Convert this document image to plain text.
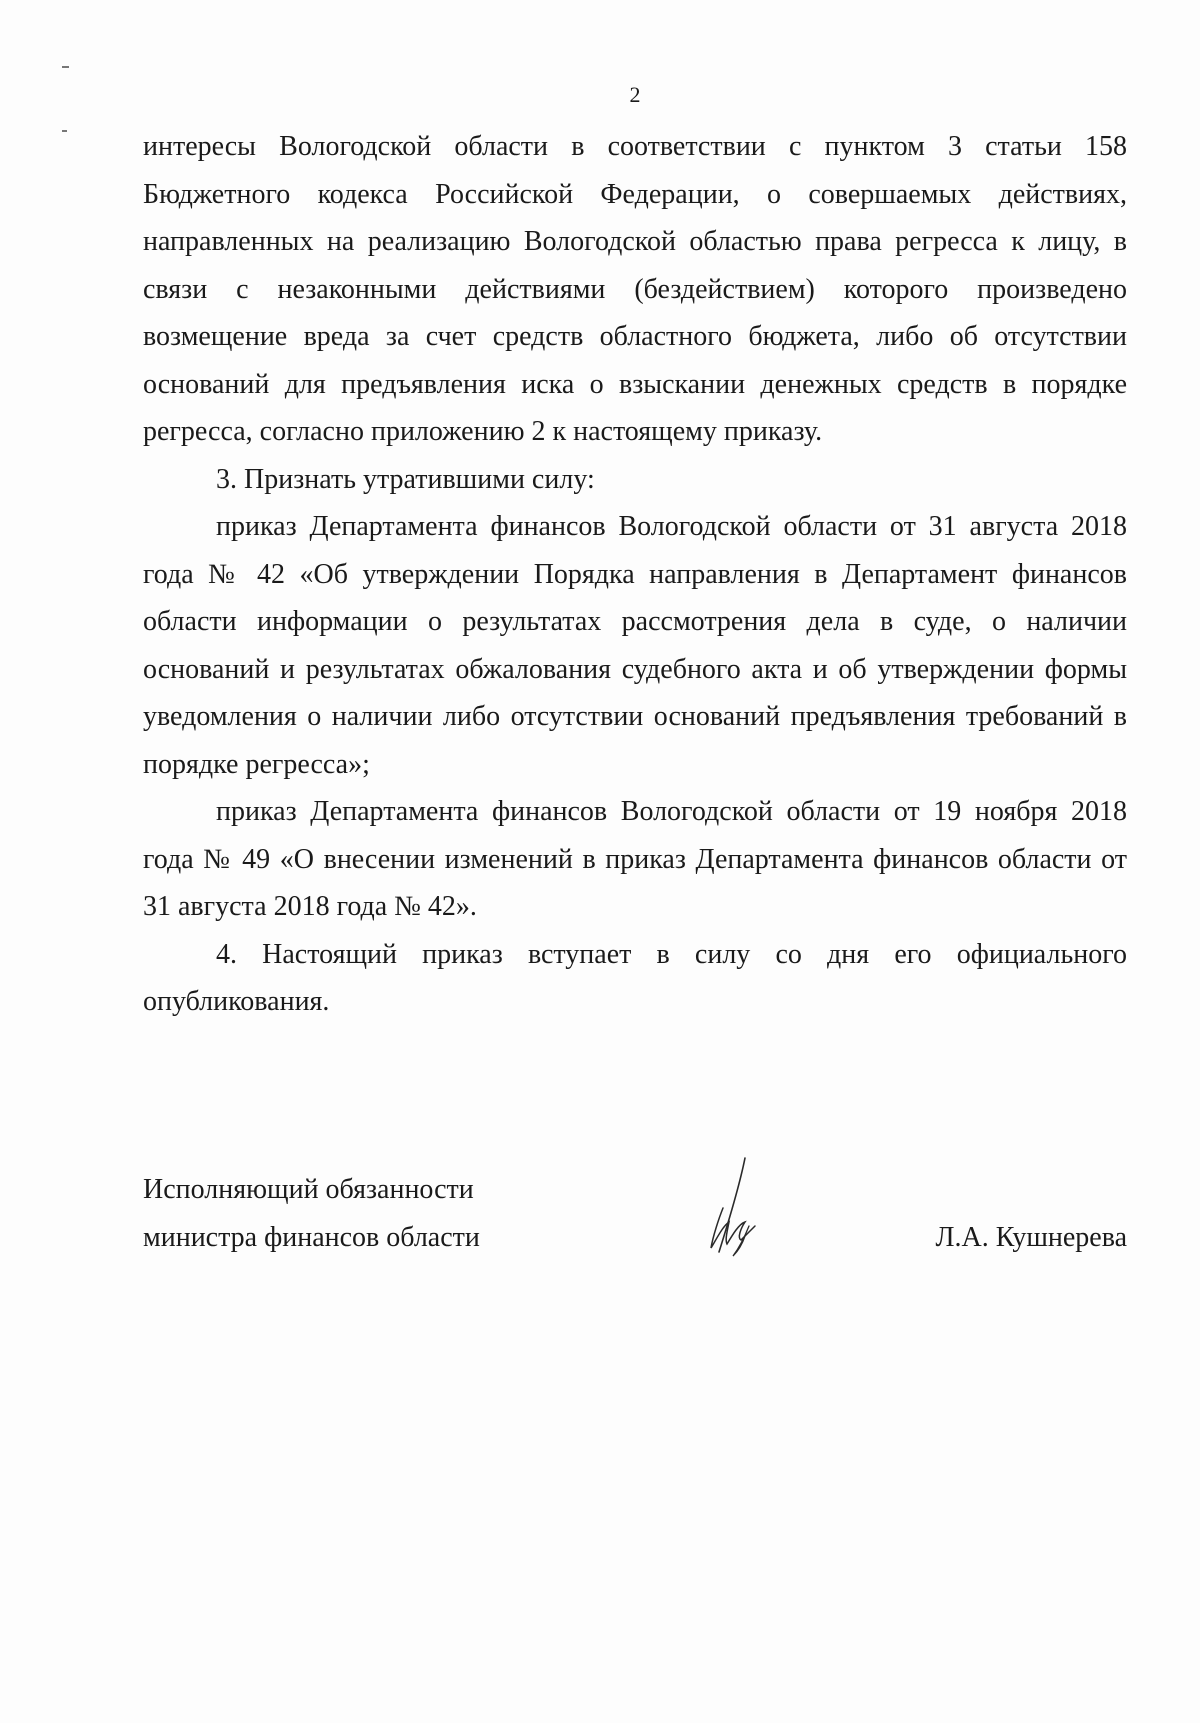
2

интересы Вологодской области в соответствии с пунктом 3 статьи 158 Бюджетного кодекса Российской Федерации, о совершаемых действиях, направленных на реализацию Вологодской областью права регресса к лицу, в связи с незаконными действиями (бездействием) которого произведено возмещение вреда за счет средств областного бюджета, либо об отсутствии оснований для предъявления иска о взыскании денежных средств в порядке регресса, согласно приложению 2 к настоящему приказу.

3. Признать утратившими силу:

приказ Департамента финансов Вологодской области от 31 августа 2018 года № 42 «Об утверждении Порядка направления в Департамент финансов области информации о результатах рассмотрения дела в суде, о наличии оснований и результатах обжалования судебного акта и об утверждении формы уведомления о наличии либо отсутствии оснований предъявления требований в порядке регресса»;

приказ Департамента финансов Вологодской области от 19 ноября 2018 года № 49 «О внесении изменений в приказ Департамента финансов области от 31 августа 2018 года № 42».

4. Настоящий приказ вступает в силу со дня его официального опубликования.

Исполняющий обязанности
министра финансов области	Л.А. Кушнерева
